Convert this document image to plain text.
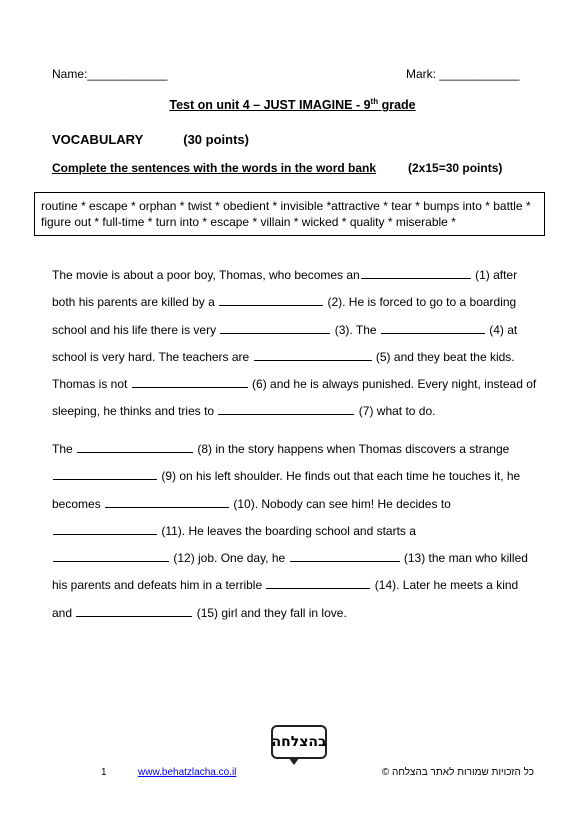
Name:____________	Mark: ____________
Test on unit 4 – JUST IMAGINE - 9th grade
VOCABULARY	(30 points)
Complete the sentences with the words in the word bank	(2x15=30 points)
routine * escape * orphan * twist * obedient * invisible *attractive * tear * bumps into * battle * figure out * full-time * turn into * escape * villain * wicked * quality * miserable *
The movie is about a poor boy, Thomas, who becomes an	(1) after
both his parents are killed by a	(2). He is forced to go to a boarding
school and his life there is very	(3). The	(4) at
school is very hard. The teachers are	(5) and they beat the kids.
Thomas is not	(6) and he is always punished. Every night, instead of
sleeping, he thinks and tries to	(7) what to do.
The	(8) in the story happens when Thomas discovers a strange
(9) on his left shoulder. He finds out that each time he touches it, he
becomes	(10). Nobody can see him! He decides to
(11). He leaves the boarding school and starts a
(12) job. One day, he	(13) the man who killed
his parents and defeats him in a terrible	(14). Later he meets a kind
and	(15) girl and they fall in love.
בהצלחה
1	www.behatzlacha.co.il	כל הזכויות שמורות לאתר בהצלחה ©
